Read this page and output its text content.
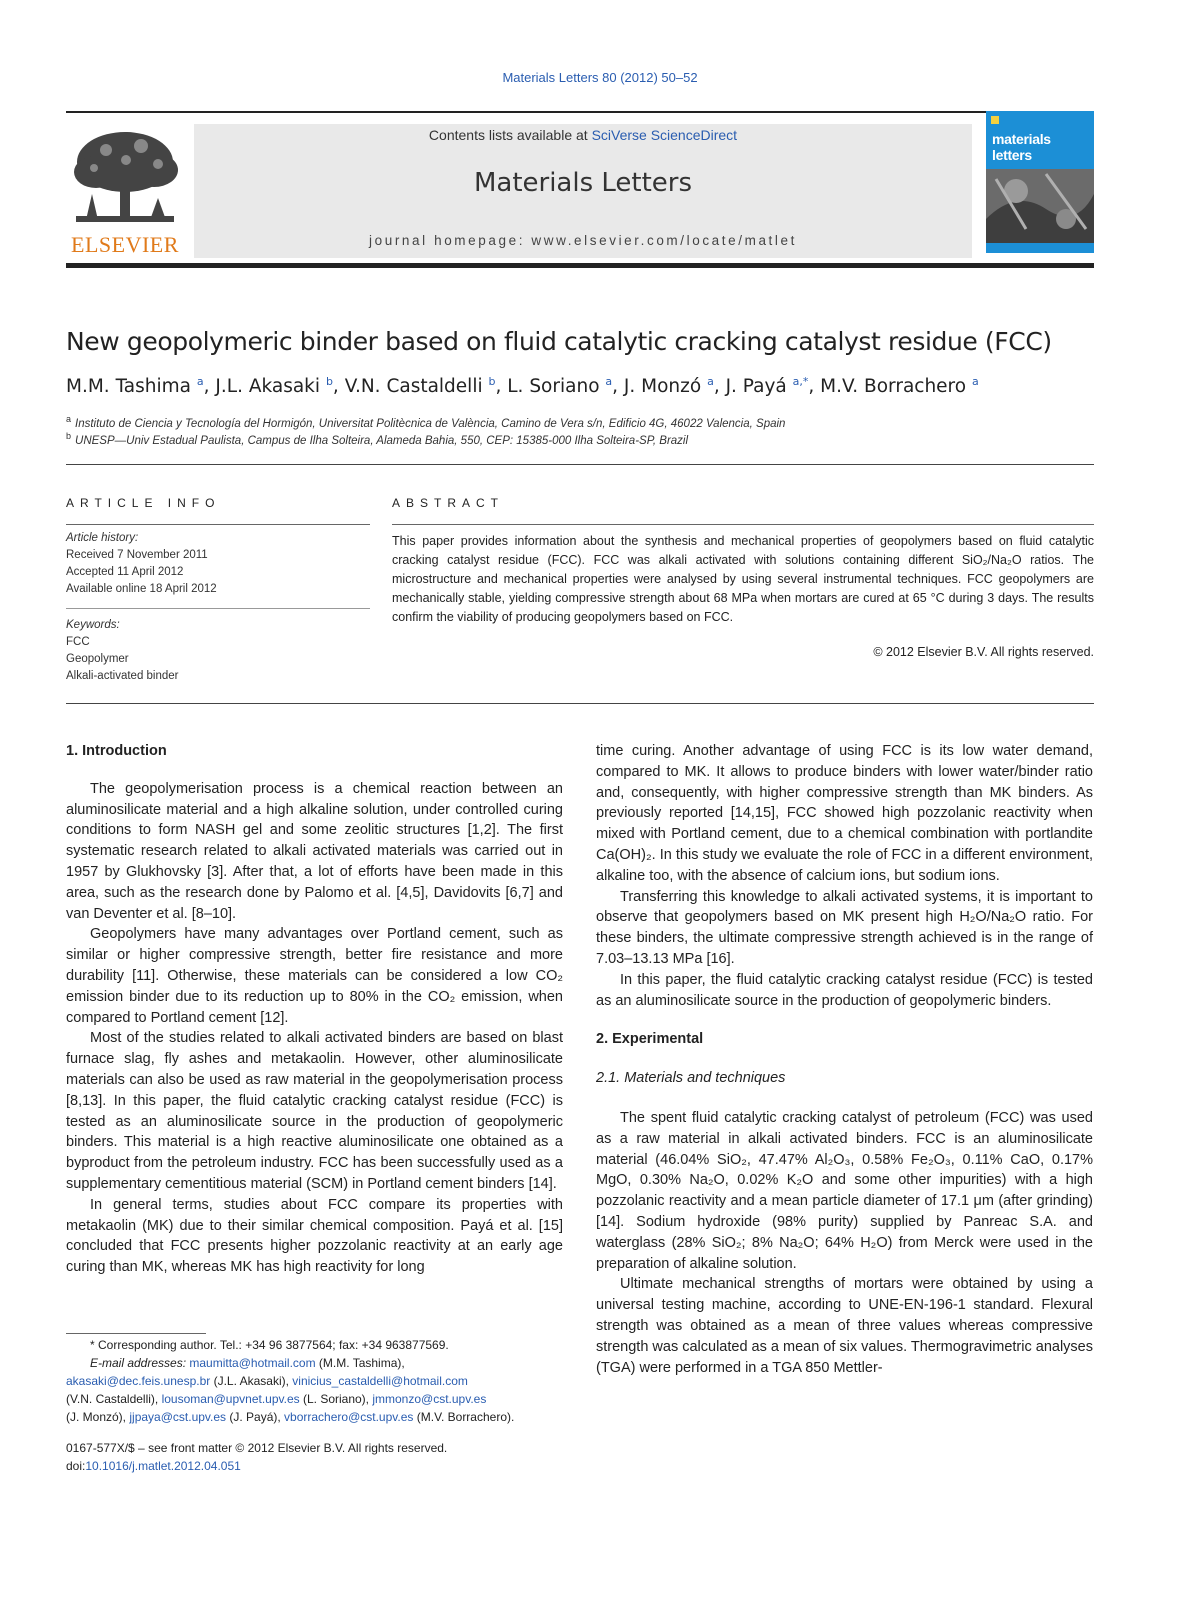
Materials Letters 80 (2012) 50–52
ELSEVIER
Contents lists available at SciVerse ScienceDirect
Materials Letters
journal homepage: www.elsevier.com/locate/matlet
materials letters
New geopolymeric binder based on fluid catalytic cracking catalyst residue (FCC)
M.M. Tashima $^a$, J.L. Akasaki $^b$, V.N. Castaldelli $^b$, L. Soriano $^a$, J. Monzó $^a$, J. Payá $^{a,*}$, M.V. Borrachero $^a$
$^a$ Instituto de Ciencia y Tecnología del Hormigón, Universitat Politècnica de València, Camino de Vera s/n, Edificio 4G, 46022 Valencia, Spain
$^b$ UNESP—Univ Estadual Paulista, Campus de Ilha Solteira, Alameda Bahia, 550, CEP: 15385-000 Ilha Solteira-SP, Brazil
ARTICLE INFO
Article history:
Received 7 November 2011
Accepted 11 April 2012
Available online 18 April 2012
Keywords:
FCC
Geopolymer
Alkali-activated binder
ABSTRACT
This paper provides information about the synthesis and mechanical properties of geopolymers based on fluid catalytic cracking catalyst residue (FCC). FCC was alkali activated with solutions containing different SiO₂/Na₂O ratios. The microstructure and mechanical properties were analysed by using several instrumental techniques. FCC geopolymers are mechanically stable, yielding compressive strength about 68 MPa when mortars are cured at 65 °C during 3 days. The results confirm the viability of producing geopolymers based on FCC.
© 2012 Elsevier B.V. All rights reserved.
1. Introduction

The geopolymerisation process is a chemical reaction between an aluminosilicate material and a high alkaline solution, under controlled curing conditions to form NASH gel and some zeolitic structures [1,2]. The first systematic research related to alkali activated materials was carried out in 1957 by Glukhovsky [3]. After that, a lot of efforts have been made in this area, such as the research done by Palomo et al. [4,5], Davidovits [6,7] and van Deventer et al. [8–10].

Geopolymers have many advantages over Portland cement, such as similar or higher compressive strength, better fire resistance and more durability [11]. Otherwise, these materials can be considered a low CO₂ emission binder due to its reduction up to 80% in the CO₂ emission, when compared to Portland cement [12].

Most of the studies related to alkali activated binders are based on blast furnace slag, fly ashes and metakaolin. However, other aluminosilicate materials can also be used as raw material in the geopolymerisation process [8,13]. In this paper, the fluid catalytic cracking catalyst residue (FCC) is tested as an aluminosilicate source in the production of geopolymeric binders. This material is a high reactive aluminosilicate one obtained as a byproduct from the petroleum industry. FCC has been successfully used as a supplementary cementitious material (SCM) in Portland cement binders [14].

In general terms, studies about FCC compare its properties with metakaolin (MK) due to their similar chemical composition. Payá et al. [15] concluded that FCC presents higher pozzolanic reactivity at an early age curing than MK, whereas MK has high reactivity for long

time curing. Another advantage of using FCC is its low water demand, compared to MK. It allows to produce binders with lower water/binder ratio and, consequently, with higher compressive strength than MK binders. As previously reported [14,15], FCC showed high pozzolanic reactivity when mixed with Portland cement, due to a chemical combination with portlandite Ca(OH)₂. In this study we evaluate the role of FCC in a different environment, alkaline too, with the absence of calcium ions, but sodium ions.

Transferring this knowledge to alkali activated systems, it is important to observe that geopolymers based on MK present high H₂O/Na₂O ratio. For these binders, the ultimate compressive strength achieved is in the range of 7.03–13.13 MPa [16].

In this paper, the fluid catalytic cracking catalyst residue (FCC) is tested as an aluminosilicate source in the production of geopolymeric binders.

2. Experimental
2.1. Materials and techniques

The spent fluid catalytic cracking catalyst of petroleum (FCC) was used as a raw material in alkali activated binders. FCC is an aluminosilicate material (46.04% SiO₂, 47.47% Al₂O₃, 0.58% Fe₂O₃, 0.11% CaO, 0.17% MgO, 0.30% Na₂O, 0.02% K₂O and some other impurities) with a high pozzolanic reactivity and a mean particle diameter of 17.1 μm (after grinding) [14]. Sodium hydroxide (98% purity) supplied by Panreac S.A. and waterglass (28% SiO₂; 8% Na₂O; 64% H₂O) from Merck were used in the preparation of alkaline solution.

Ultimate mechanical strengths of mortars were obtained by using a universal testing machine, according to UNE-EN-196-1 standard. Flexural strength was obtained as a mean of three values whereas compressive strength was calculated as a mean of six values. Thermogravimetric analyses (TGA) were performed in a TGA 850 Mettler-

* Corresponding author. Tel.: +34 96 3877564; fax: +34 963877569.
E-mail addresses: maumitta@hotmail.com (M.M. Tashima),
akasaki@dec.feis.unesp.br (J.L. Akasaki), vinicius_castaldelli@hotmail.com
(V.N. Castaldelli), lousoman@upvnet.upv.es (L. Soriano), jmmonzo@cst.upv.es
(J. Monzó), jjpaya@cst.upv.es (J. Payá), vborrachero@cst.upv.es (M.V. Borrachero).
0167-577X/$ – see front matter © 2012 Elsevier B.V. All rights reserved.
doi:10.1016/j.matlet.2012.04.051
